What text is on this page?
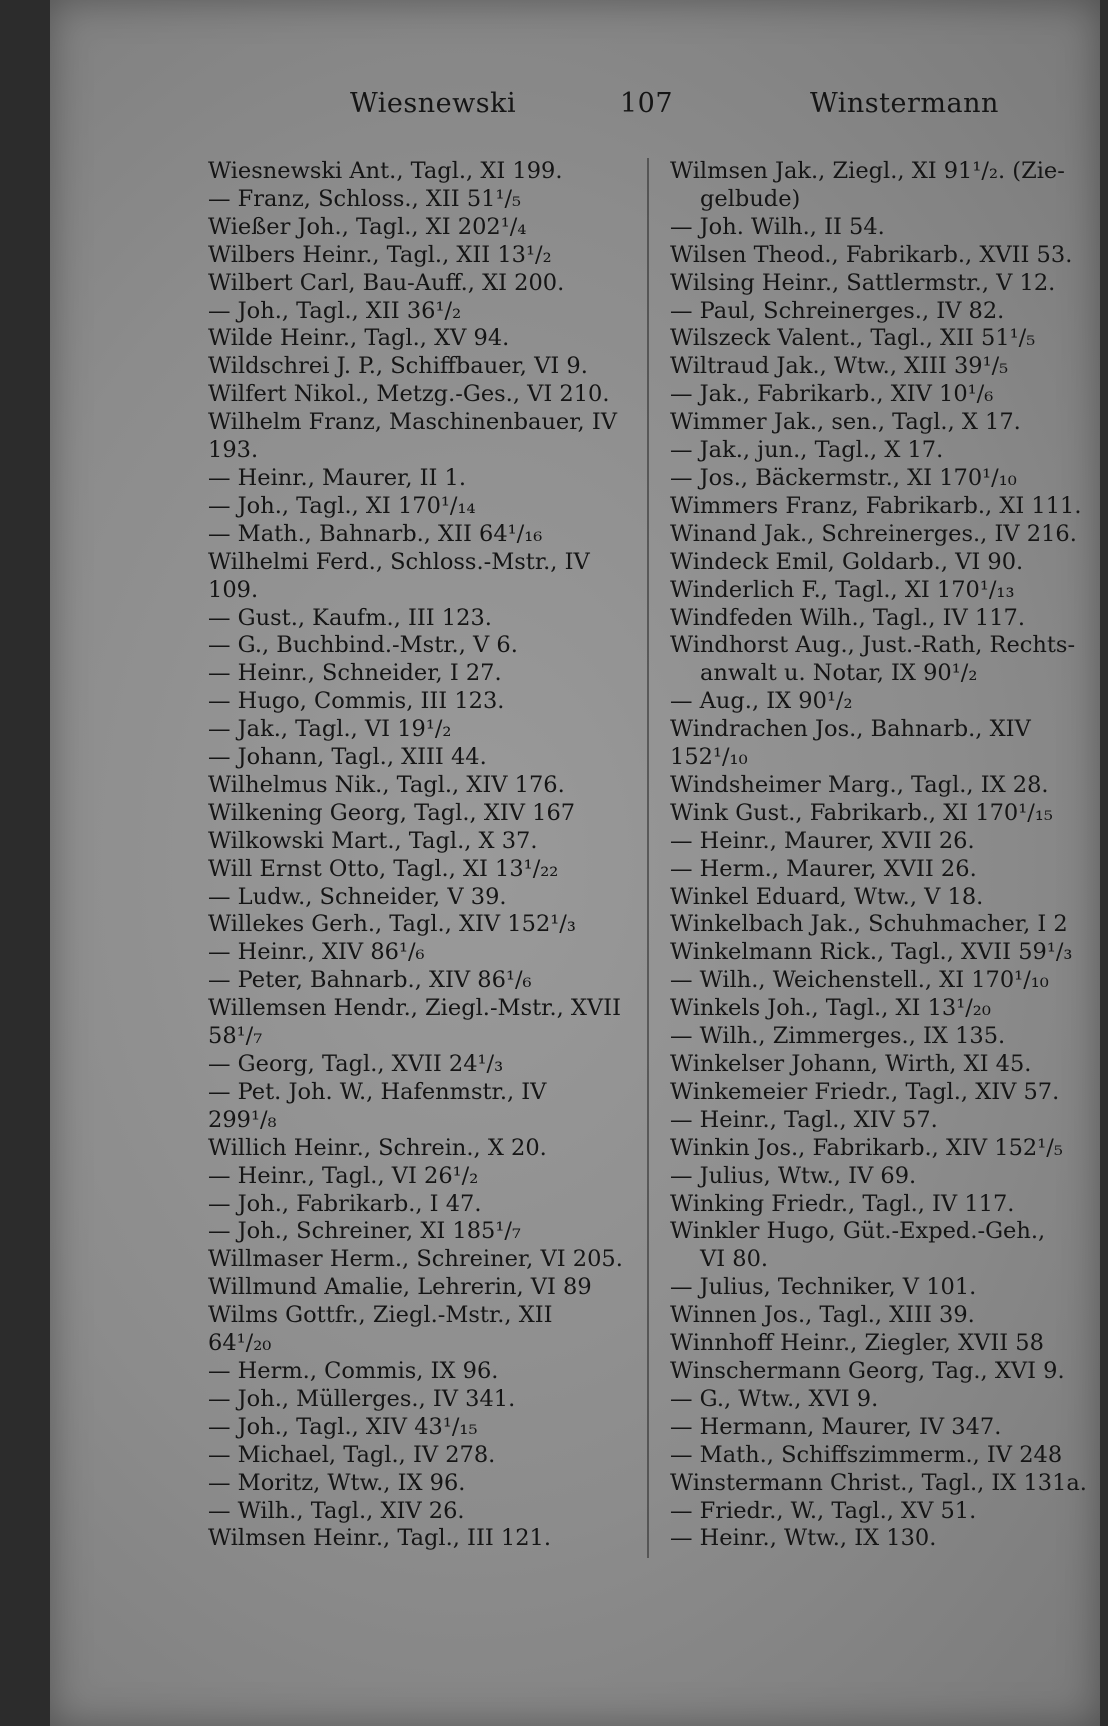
Wiesnewski	107	Winstermann
Wiesnewski Ant., Tagl., XI 199.
— Franz, Schloss., XII 51¹/₅
Wießer Joh., Tagl., XI 202¹/₄
Wilbers Heinr., Tagl., XII 13¹/₂
Wilbert Carl, Bau-Auff., XI 200.
— Joh., Tagl., XII 36¹/₂
Wilde Heinr., Tagl., XV 94.
Wildschrei J. P., Schiffbauer, VI 9.
Wilfert Nikol., Metzg.-Ges., VI 210.
Wilhelm Franz, Maschinenbauer, IV
193.
— Heinr., Maurer, II 1.
— Joh., Tagl., XI 170¹/₁₄
— Math., Bahnarb., XII 64¹/₁₆
Wilhelmi Ferd., Schloss.-Mstr., IV
109.
— Gust., Kaufm., III 123.
— G., Buchbind.-Mstr., V 6.
— Heinr., Schneider, I 27.
— Hugo, Commis, III 123.
— Jak., Tagl., VI 19¹/₂
— Johann, Tagl., XIII 44.
Wilhelmus Nik., Tagl., XIV 176.
Wilkening Georg, Tagl., XIV 167
Wilkowski Mart., Tagl., X 37.
Will Ernst Otto, Tagl., XI 13¹/₂₂
— Ludw., Schneider, V 39.
Willekes Gerh., Tagl., XIV 152¹/₃
— Heinr., XIV 86¹/₆
— Peter, Bahnarb., XIV 86¹/₆
Willemsen Hendr., Ziegl.-Mstr., XVII
58¹/₇
— Georg, Tagl., XVII 24¹/₃
— Pet. Joh. W., Hafenmstr., IV
299¹/₈
Willich Heinr., Schrein., X 20.
— Heinr., Tagl., VI 26¹/₂
— Joh., Fabrikarb., I 47.
— Joh., Schreiner, XI 185¹/₇
Willmaser Herm., Schreiner, VI 205.
Willmund Amalie, Lehrerin, VI 89
Wilms Gottfr., Ziegl.-Mstr., XII
64¹/₂₀
— Herm., Commis, IX 96.
— Joh., Müllerges., IV 341.
— Joh., Tagl., XIV 43¹/₁₅
— Michael, Tagl., IV 278.
— Moritz, Wtw., IX 96.
— Wilh., Tagl., XIV 26.
Wilmsen Heinr., Tagl., III 121.
Wilmsen Jak., Ziegl., XI 91¹/₂. (Zie-
gelbude)
— Joh. Wilh., II 54.
Wilsen Theod., Fabrikarb., XVII 53.
Wilsing Heinr., Sattlermstr., V 12.
— Paul, Schreinerges., IV 82.
Wilszeck Valent., Tagl., XII 51¹/₅
Wiltraud Jak., Wtw., XIII 39¹/₅
— Jak., Fabrikarb., XIV 10¹/₆
Wimmer Jak., sen., Tagl., X 17.
— Jak., jun., Tagl., X 17.
— Jos., Bäckermstr., XI 170¹/₁₀
Wimmers Franz, Fabrikarb., XI 111.
Winand Jak., Schreinerges., IV 216.
Windeck Emil, Goldarb., VI 90.
Winderlich F., Tagl., XI 170¹/₁₃
Windfeden Wilh., Tagl., IV 117.
Windhorst Aug., Just.-Rath, Rechts-
anwalt u. Notar, IX 90¹/₂
— Aug., IX 90¹/₂
Windrachen Jos., Bahnarb., XIV
152¹/₁₀
Windsheimer Marg., Tagl., IX 28.
Wink Gust., Fabrikarb., XI 170¹/₁₅
— Heinr., Maurer, XVII 26.
— Herm., Maurer, XVII 26.
Winkel Eduard, Wtw., V 18.
Winkelbach Jak., Schuhmacher, I 2
Winkelmann Rick., Tagl., XVII 59¹/₃
— Wilh., Weichenstell., XI 170¹/₁₀
Winkels Joh., Tagl., XI 13¹/₂₀
— Wilh., Zimmerges., IX 135.
Winkelser Johann, Wirth, XI 45.
Winkemeier Friedr., Tagl., XIV 57.
— Heinr., Tagl., XIV 57.
Winkin Jos., Fabrikarb., XIV 152¹/₅
— Julius, Wtw., IV 69.
Winking Friedr., Tagl., IV 117.
Winkler Hugo, Güt.-Exped.-Geh.,
VI 80.
— Julius, Techniker, V 101.
Winnen Jos., Tagl., XIII 39.
Winnhoff Heinr., Ziegler, XVII 58
Winschermann Georg, Tag., XVI 9.
— G., Wtw., XVI 9.
— Hermann, Maurer, IV 347.
— Math., Schiffszimmerm., IV 248
Winstermann Christ., Tagl., IX 131a.
— Friedr., W., Tagl., XV 51.
— Heinr., Wtw., IX 130.
